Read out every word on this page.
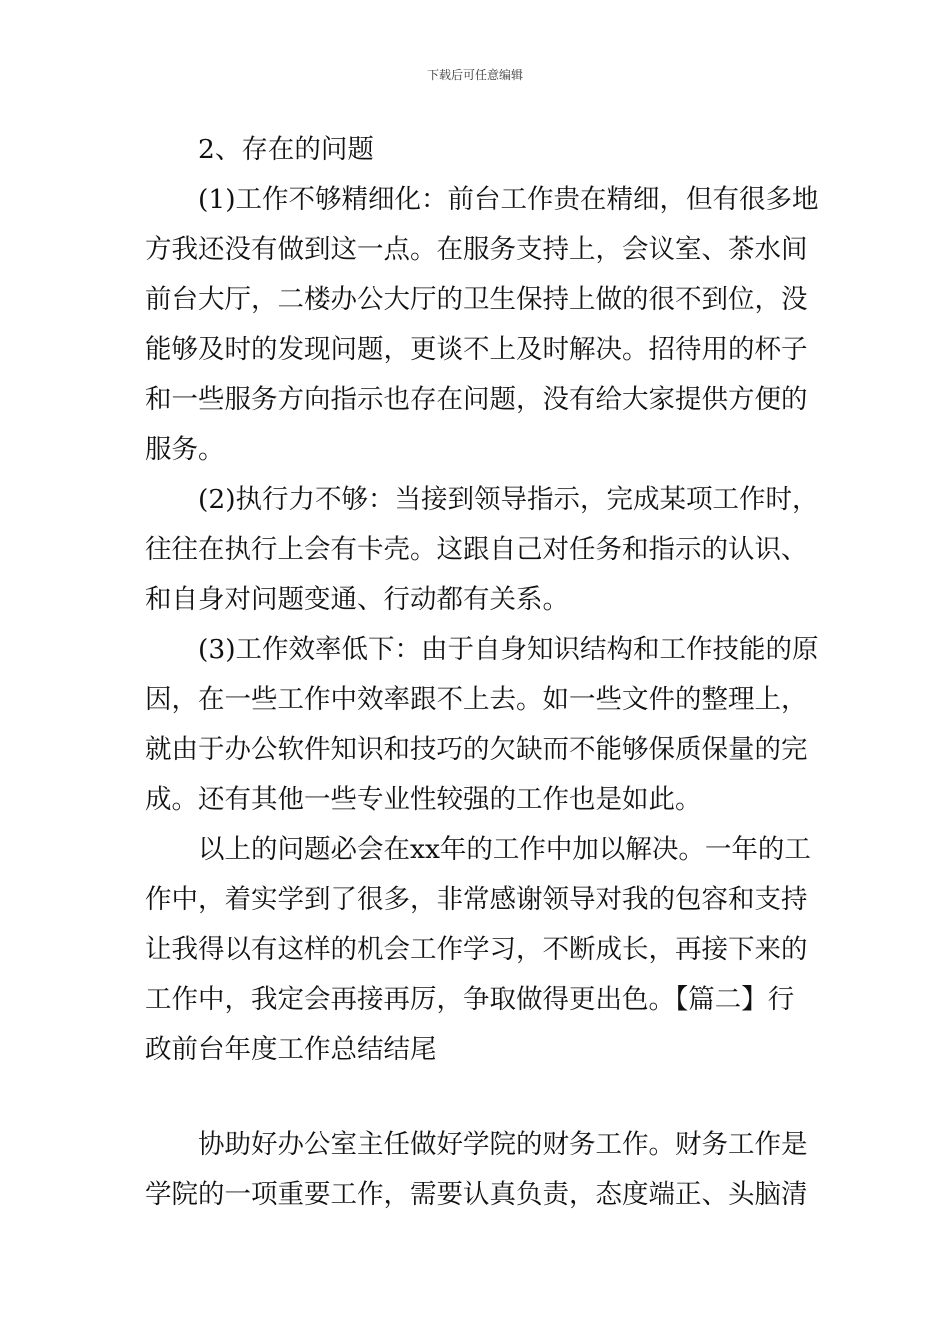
下载后可任意编辑
2、存在的问题
(1)工作不够精细化：前台工作贵在精细，但有很多地
方我还没有做到这一点。在服务支持上，会议室、茶水间
前台大厅，二楼办公大厅的卫生保持上做的很不到位，没
能够及时的发现问题，更谈不上及时解决。招待用的杯子
和一些服务方向指示也存在问题，没有给大家提供方便的
服务。
(2)执行力不够：当接到领导指示，完成某项工作时，
往往在执行上会有卡壳。这跟自己对任务和指示的认识、
和自身对问题变通、行动都有关系。
(3)工作效率低下：由于自身知识结构和工作技能的原
因，在一些工作中效率跟不上去。如一些文件的整理上，
就由于办公软件知识和技巧的欠缺而不能够保质保量的完
成。还有其他一些专业性较强的工作也是如此。
以上的问题必会在xx年的工作中加以解决。一年的工
作中，着实学到了很多，非常感谢领导对我的包容和支持
让我得以有这样的机会工作学习，不断成长，再接下来的
工作中，我定会再接再厉，争取做得更出色。【篇二】行
政前台年度工作总结结尾
协助好办公室主任做好学院的财务工作。财务工作是
学院的一项重要工作，需要认真负责，态度端正、头脑清
